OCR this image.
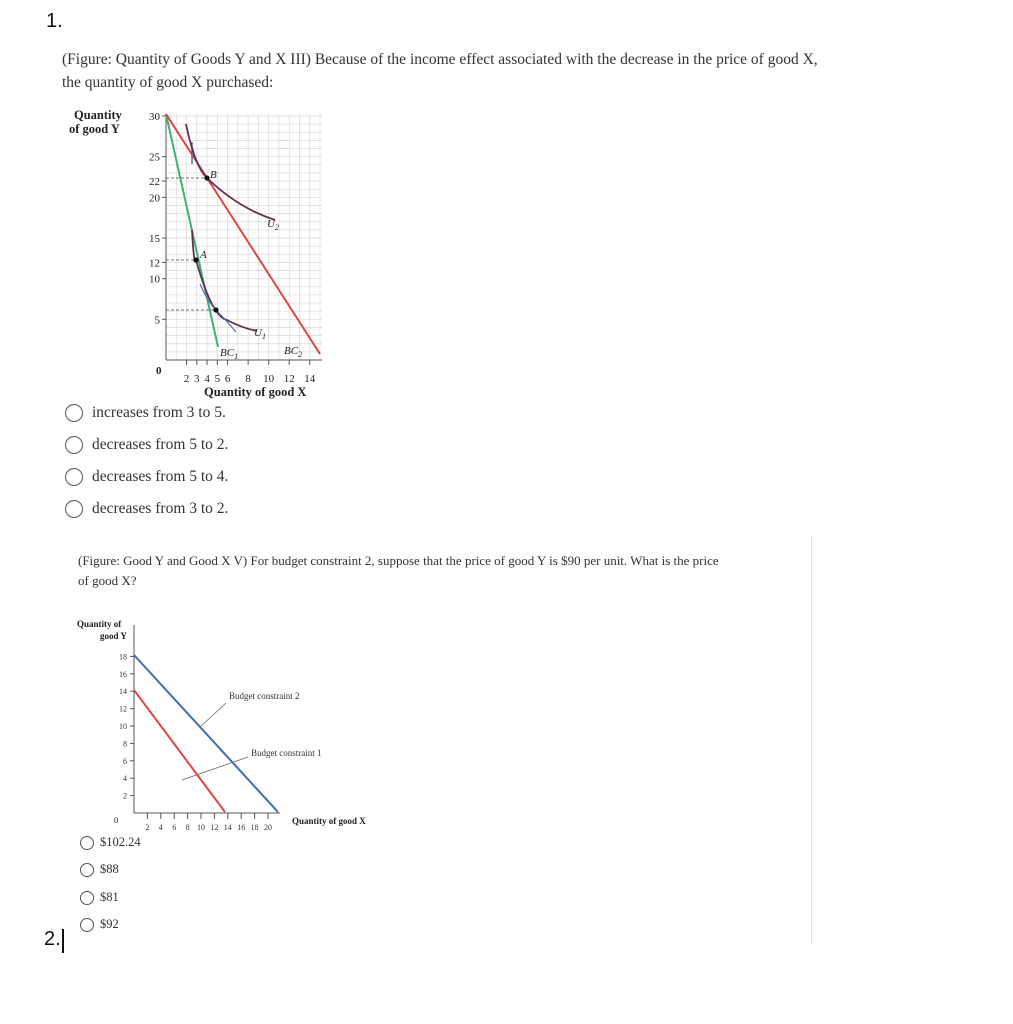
1.
(Figure: Quantity of Goods Y and X III) Because of the income effect associated with the decrease in the price of good X,
the quantity of good X purchased:
Quantity
of good Y
30
25
22
20
15
12
10
5
2 3 4 5 6 8 10 12 14
B
A
$U_2$
$U_1$
$BC_1$	$BC_2$
0
Quantity of good X
increases from 3 to 5.
decreases from 5 to 2.
decreases from 5 to 4.
decreases from 3 to 2.
(Figure: Good Y and Good X V) For budget constraint 2, suppose that the price of good Y is $90 per unit. What is the price
of good X?
Quantity of
good Y
18
16
14
12
10
8
6
4
2
2 4 6 8 10 12 14 16 18 20
Budget constraint 2
Budget constraint 1
0	Quantity of good X
$102.24
$88
$81
$92
2.
